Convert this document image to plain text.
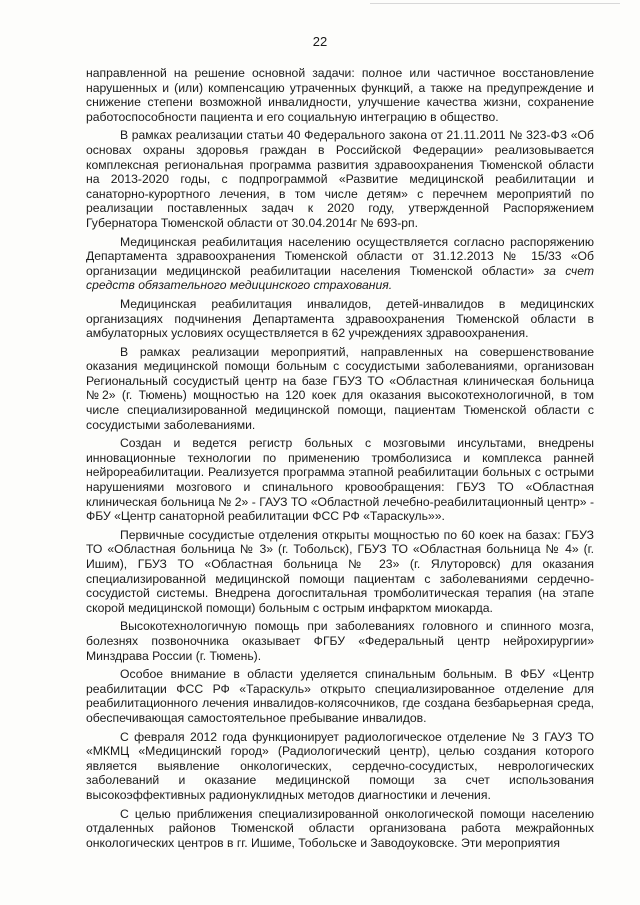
22

направленной на решение основной задачи: полное или частичное восстановление нарушенных и (или) компенсацию утраченных функций, а также на предупреждение и снижение степени возможной инвалидности, улучшение качества жизни, сохранение работоспособности пациента и его социальную интеграцию в общество.

В рамках реализации статьи 40 Федерального закона от 21.11.2011 № 323-ФЗ «Об основах охраны здоровья граждан в Российской Федерации» реализовывается комплексная региональная программа развития здравоохранения Тюменской области на 2013-2020 годы, с подпрограммой «Развитие медицинской реабилитации и санаторно-курортного лечения, в том числе детям» с перечнем мероприятий по реализации поставленных задач к 2020 году, утвержденной Распоряжением Губернатора Тюменской области от 30.04.2014г № 693-рп.

Медицинская реабилитация населению осуществляется согласно распоряжению Департамента здравоохранения Тюменской области от 31.12.2013 № 15/33 «Об организации медицинской реабилитации населения Тюменской области» за счет средств обязательного медицинского страхования.

Медицинская реабилитация инвалидов, детей-инвалидов в медицинских организациях подчинения Департамента здравоохранения Тюменской области в амбулаторных условиях осуществляется в 62 учреждениях здравоохранения.

В рамках реализации мероприятий, направленных на совершенствование оказания медицинской помощи больным с сосудистыми заболеваниями, организован Региональный сосудистый центр на базе ГБУЗ ТО «Областная клиническая больница №2» (г. Тюмень) мощностью на 120 коек для оказания высокотехнологичной, в том числе специализированной медицинской помощи, пациентам Тюменской области с сосудистыми заболеваниями.

Создан и ведется регистр больных с мозговыми инсультами, внедрены инновационные технологии по применению тромболизиса и комплекса ранней нейрореабилитации. Реализуется программа этапной реабилитации больных с острыми нарушениями мозгового и спинального кровообращения: ГБУЗ ТО «Областная клиническая больница № 2» - ГАУЗ ТО «Областной лечебно-реабилитационный центр» - ФБУ «Центр санаторной реабилитации ФСС РФ «Тараскуль»».

Первичные сосудистые отделения открыты мощностью по 60 коек на базах: ГБУЗ ТО «Областная больница № 3» (г. Тобольск), ГБУЗ ТО «Областная больница № 4» (г. Ишим), ГБУЗ ТО «Областная больница № 23» (г. Ялуторовск) для оказания специализированной медицинской помощи пациентам с заболеваниями сердечно-сосудистой системы. Внедрена догоспитальная тромболитическая терапия (на этапе скорой медицинской помощи) больным с острым инфарктом миокарда.

Высокотехнологичную помощь при заболеваниях головного и спинного мозга, болезнях позвоночника оказывает ФГБУ «Федеральный центр нейрохирургии» Минздрава России (г. Тюмень).

Особое внимание в области уделяется спинальным больным. В ФБУ «Центр реабилитации ФСС РФ «Тараскуль» открыто специализированное отделение для реабилитационного лечения инвалидов-колясочников, где создана безбарьерная среда, обеспечивающая самостоятельное пребывание инвалидов.

С февраля 2012 года функционирует радиологическое отделение № 3 ГАУЗ ТО «МКМЦ «Медицинский город» (Радиологический центр), целью создания которого является выявление онкологических, сердечно-сосудистых, неврологических заболеваний и оказание медицинской помощи за счет использования высокоэффективных радионуклидных методов диагностики и лечения.

С целью приближения специализированной онкологической помощи населению отдаленных районов Тюменской области организована работа межрайонных онкологических центров в гг. Ишиме, Тобольске и Заводоуковске. Эти мероприятия
